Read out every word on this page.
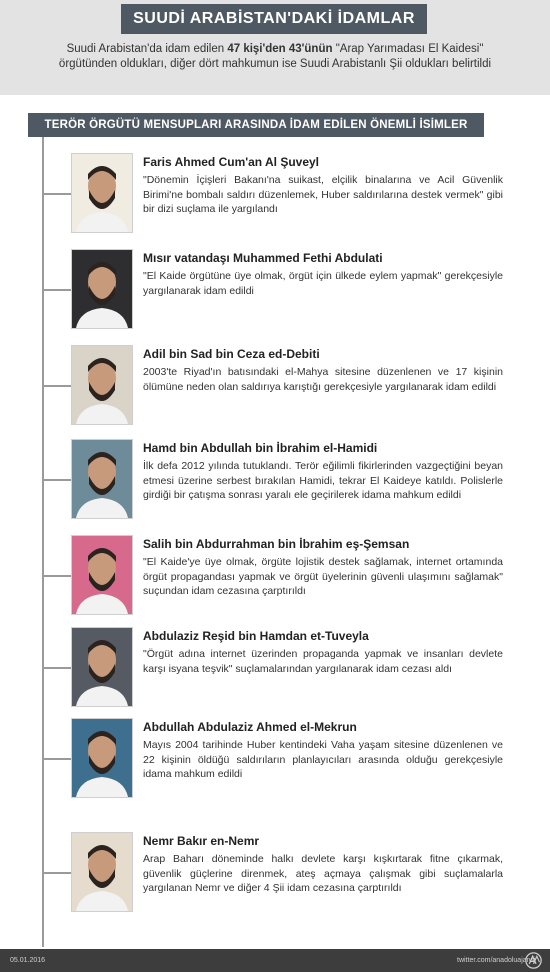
SUUDİ ARABİSTAN'DAKİ İDAMLAR
Suudi Arabistan'da idam edilen 47 kişi'den 43'ünün "Arap Yarımadası El Kaidesi" örgütünden oldukları, diğer dört mahkumun ise Suudi Arabistanlı Şii oldukları belirtildi
TERÖR ÖRGÜTÜ MENSUPLARI ARASINDA İDAM EDİLEN ÖNEMLİ İSİMLER
Faris Ahmed Cum'an Al Şuveyl
"Dönemin İçişleri Bakanı'na suikast, elçilik binalarına ve Acil Güvenlik Birimi'ne bombalı saldırı düzenlemek, Huber saldırılarına destek vermek" gibi bir dizi suçlama ile yargılandı
Mısır vatandaşı Muhammed Fethi Abdulati
"El Kaide örgütüne üye olmak, örgüt için ülkede eylem yapmak" gerekçesiyle yargılanarak idam edildi
Adil bin Sad bin Ceza ed-Debiti
2003'te Riyad'ın batısındaki el-Mahya sitesine düzenlenen ve 17 kişinin ölümüne neden olan saldırıya karıştığı gerekçesiyle yargılanarak idam edildi
Hamd bin Abdullah bin İbrahim el-Hamidi
İlk defa 2012 yılında tutuklandı. Terör eğilimli fikirlerinden vazgeçtiğini beyan etmesi üzerine serbest bırakılan Hamidi, tekrar El Kaideye katıldı. Polislerle girdiği bir çatışma sonrası yaralı ele geçirilerek idama mahkum edildi
Salih bin Abdurrahman bin İbrahim eş-Şemsan
"El Kaide'ye üye olmak, örgüte lojistik destek sağlamak, internet ortamında örgüt propagandası yapmak ve örgüt üyelerinin güvenli ulaşımını sağlamak" suçundan idam cezasına çarptırıldı
Abdulaziz Reşid bin Hamdan et-Tuveyla
"Örgüt adına internet üzerinden propaganda yapmak ve insanları devlete karşı isyana teşvik" suçlamalarından yargılanarak idam cezası aldı
Abdullah Abdulaziz Ahmed el-Mekrun
Mayıs 2004 tarihinde Huber kentindeki Vaha yaşam sitesine düzenlenen ve 22 kişinin öldüğü saldırıların planlayıcıları arasında olduğu gerekçesiyle idama mahkum edildi
Nemr Bakır en-Nemr
Arap Baharı döneminde halkı devlete karşı kışkırtarak fitne çıkarmak, güvenlik güçlerine direnmek, ateş açmaya çalışmak gibi suçlamalarla yargılanan Nemr ve diğer 4 Şii idam cezasına çarptırıldı
05.01.2016	twitter.com/anadoluajansi
